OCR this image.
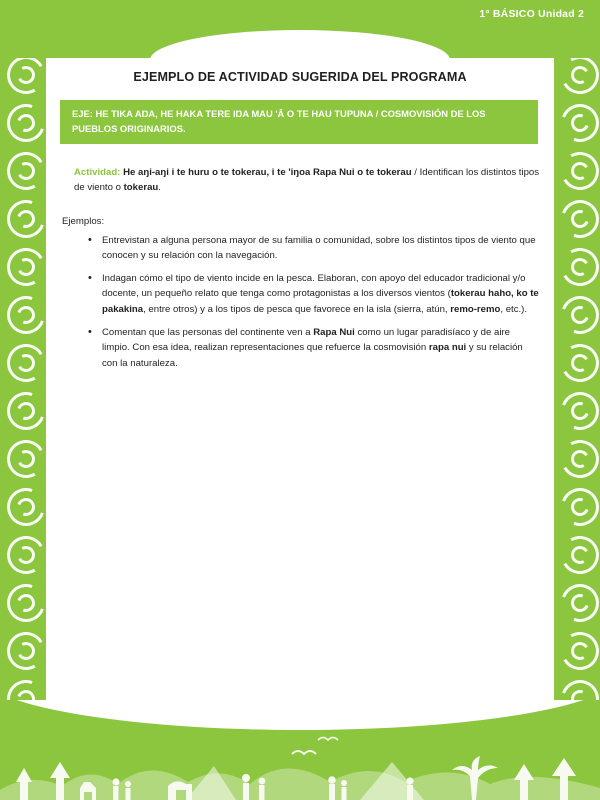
1° BÁSICO Unidad 2
EJEMPLO DE ACTIVIDAD SUGERIDA DEL PROGRAMA
EJE: HE TIKA AŊA, HE HAKA TERE IŊA MAU 'Ā O TE HAU TUPUNA / COSMOVISIÓN DE LOS PUEBLOS ORIGINARIOS.
Actividad: He aŋi-aŋi i te huru o te tokerau, i te 'iŋoa Rapa Nui o te tokerau / Identifican los distintos tipos de viento o tokerau.
Ejemplos:
• Entrevistan a alguna persona mayor de su familia o comunidad, sobre los distintos tipos de viento que conocen y su relación con la navegación.
• Indagan cómo el tipo de viento incide en la pesca. Elaboran, con apoyo del educador tradicional y/o docente, un pequeño relato que tenga como protagonistas a los diversos vientos (tokerau haho, ko te pakakina, entre otros) y a los tipos de pesca que favorece en la isla (sierra, atún, remo-remo, etc.).
• Comentan que las personas del continente ven a Rapa Nui como un lugar paradisíaco y de aire limpio. Con esa idea, realizan representaciones que refuerce la cosmovisión rapa nui y su relación con la naturaleza.
